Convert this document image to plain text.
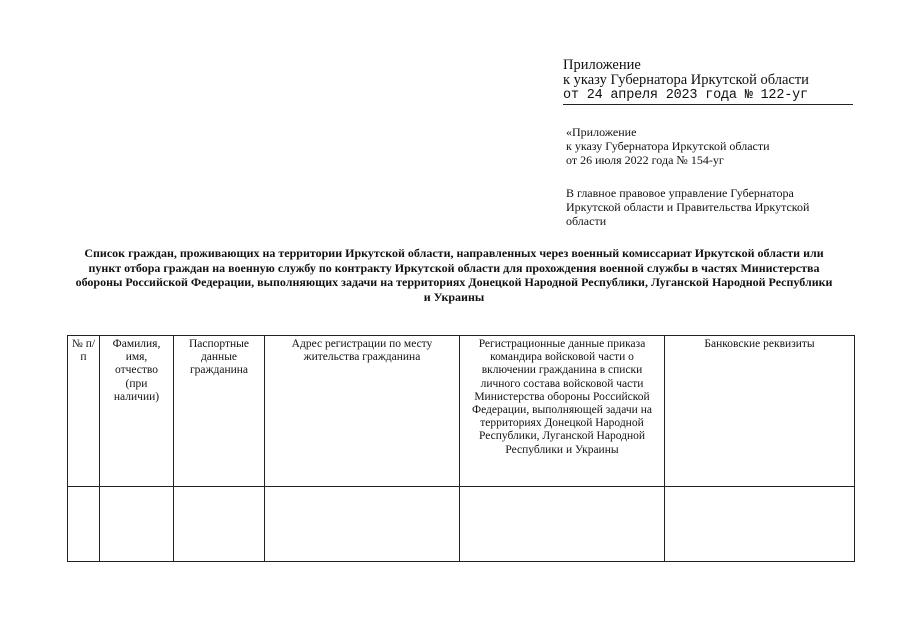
Приложение
к указу Губернатора Иркутской области
от 24 апреля 2023 года № 122-уг
«Приложение
к указу Губернатора Иркутской области
от 26 июля 2022 года № 154-уг
В главное правовое управление Губернатора
Иркутской области и Правительства Иркутской
области
Список граждан, проживающих на территории Иркутской области, направленных через военный комиссариат Иркутской области или
пункт отбора граждан на военную службу по контракту Иркутской области для прохождения военной службы в частях Министерства
обороны Российской Федерации, выполняющих задачи на территориях Донецкой Народной Республики, Луганской Народной Республики
и Украины
№ п/п	Фамилия, имя, отчество (при наличии)	Паспортные данные гражданина	Адрес регистрации по месту жительства гражданина	Регистрационные данные приказа командира войсковой части о включении гражданина в списки личного состава войсковой части Министерства обороны Российской Федерации, выполняющей задачи на территориях Донецкой Народной Республики, Луганской Народной Республики и Украины	Банковские реквизиты
